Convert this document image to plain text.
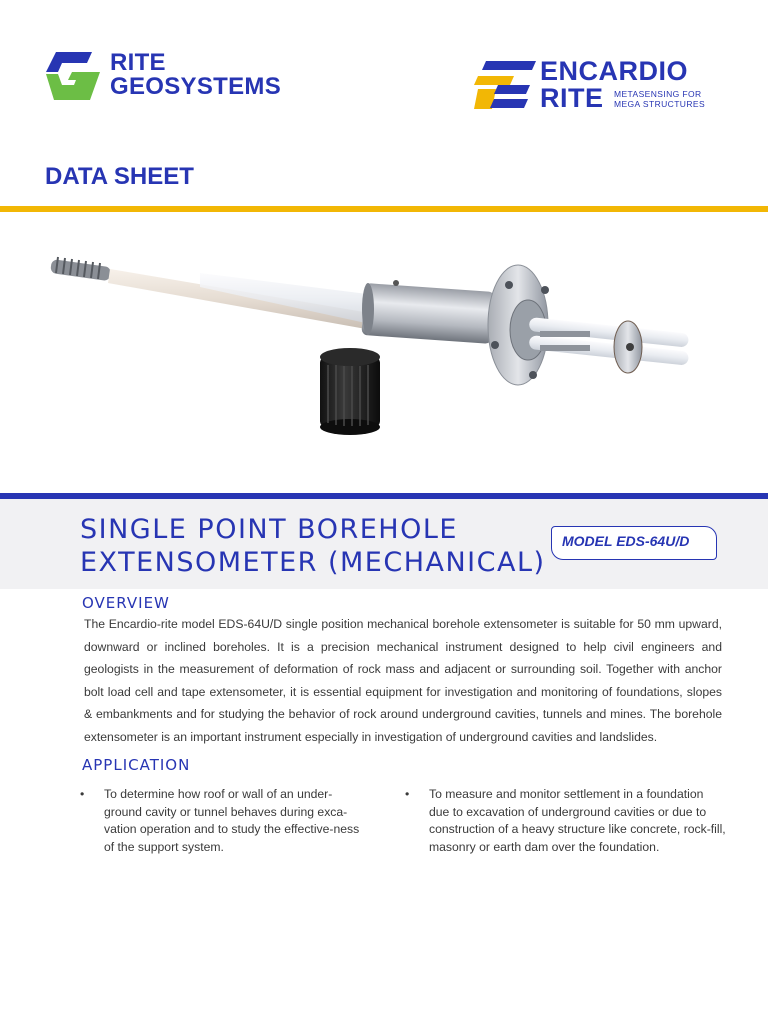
RITE
GEOSYSTEMS
ENCARDIO
RITE METASENSING FOR
MEGA STRUCTURES
DATA SHEET
SINGLE POINT BOREHOLE
EXTENSOMETER (MECHANICAL)
MODEL EDS-64U/D
OVERVIEW

The Encardio-rite model EDS-64U/D single position mechanical borehole extensometer is suitable for 50 mm upward, downward or inclined boreholes. It is a precision mechanical instrument designed to help civil engineers and geologists in the measurement of deformation of rock mass and adjacent or surrounding soil. Together with anchor bolt load cell and tape extensometer, it is essential equipment for investigation and monitoring of foundations, slopes & embankments and for studying the behavior of rock around underground cavities, tunnels and mines. The borehole extensometer is an important instrument especially in investigation of underground cavities and landslides.

APPLICATION
• To determine how roof or wall of an under-ground cavity or tunnel behaves during exca-vation operation and to study the effective-ness of the support system.
• To measure and monitor settlement in a foundation due to excavation of underground cavities or due to construction of a heavy structure like concrete, rock-fill, masonry or earth dam over the foundation.
